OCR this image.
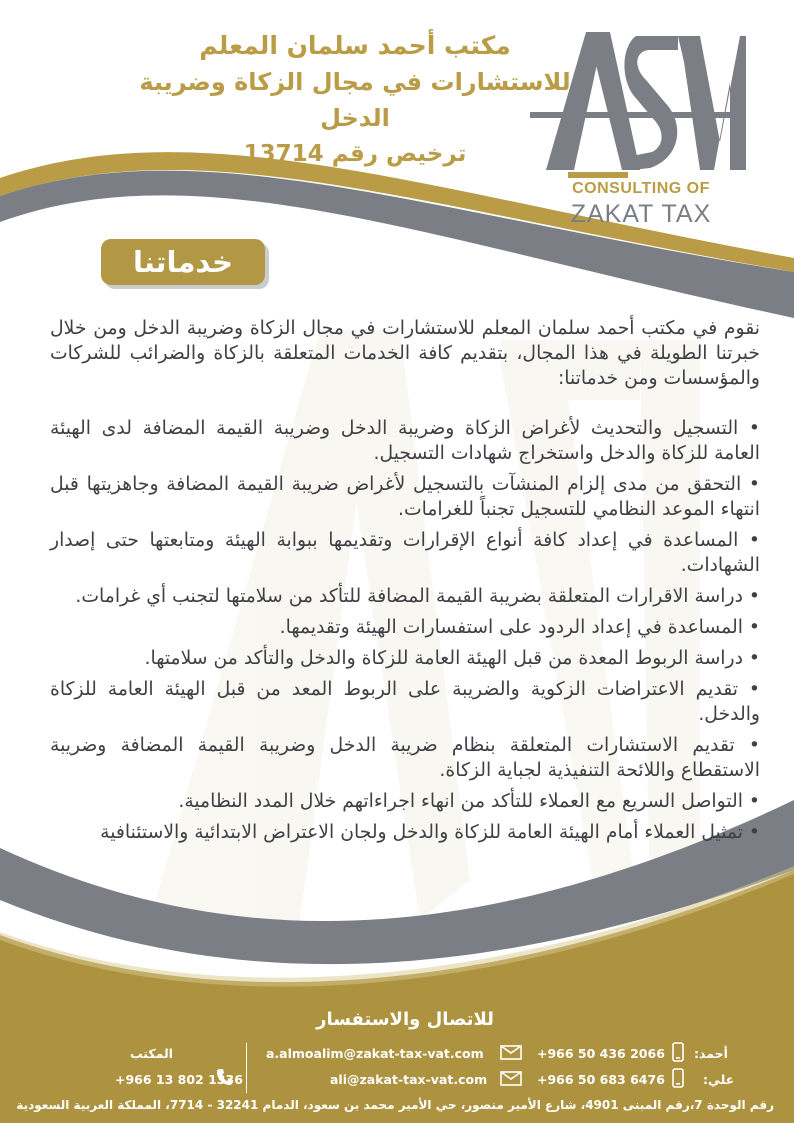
CONSULTING OF
ZAKAT TAX
مكتب أحمد سلمان المعلم
للاستشارات في مجال الزكاة وضريبة الدخل
ترخيص رقم 13714
خدماتنا

نقوم في مكتب أحمد سلمان المعلم للاستشارات في مجال الزكاة وضريبة الدخل ومن خلال خبرتنا الطويلة في هذا المجال، بتقديم كافة الخدمات المتعلقة بالزكاة والضرائب للشركات والمؤسسات ومن خدماتنا:

• التسجيل والتحديث لأغراض الزكاة وضريبة الدخل وضريبة القيمة المضافة لدى الهيئة العامة للزكاة والدخل واستخراج شهادات التسجيل.

• التحقق من مدى إلزام المنشآت بالتسجيل لأغراض ضريبة القيمة المضافة وجاهزيتها قبل انتهاء الموعد النظامي للتسجيل تجنباً للغرامات.

• المساعدة في إعداد كافة أنواع الإقرارات وتقديمها ببوابة الهيئة ومتابعتها حتى إصدار الشهادات.

• دراسة الاقرارات المتعلقة بضريبة القيمة المضافة للتأكد من سلامتها لتجنب أي غرامات.

• المساعدة في إعداد الردود على استفسارات الهيئة وتقديمها.

• دراسة الربوط المعدة من قبل الهيئة العامة للزكاة والدخل والتأكد من سلامتها.

• تقديم الاعتراضات الزكوية والضريبة على الربوط المعد من قبل الهيئة العامة للزكاة والدخل.

• تقديم الاستشارات المتعلقة بنظام ضريبة الدخل وضريبة القيمة المضافة وضريبة الاستقطاع واللائحة التنفيذية لجباية الزكاة.

• التواصل السريع مع العملاء للتأكد من انهاء اجراءاتهم خلال المدد النظامية.

• تمثيل العملاء أمام الهيئة العامة للزكاة والدخل ولجان الاعتراض الابتدائية والاستئنافية

للاتصال والاستفسار
أحمد:
+966 50 436 2066
a.almoalim@zakat-tax-vat.com
علي:
+966 50 683 6476
ali@zakat-tax-vat.com
المكتب
+966 13 802 1336
رقم الوحدة 7،رقم المبنى 4901، شارع الأمير منصور، حي الأمير محمد بن سعود، الدمام 32241 - 7714، المملكة العربية السعودية
